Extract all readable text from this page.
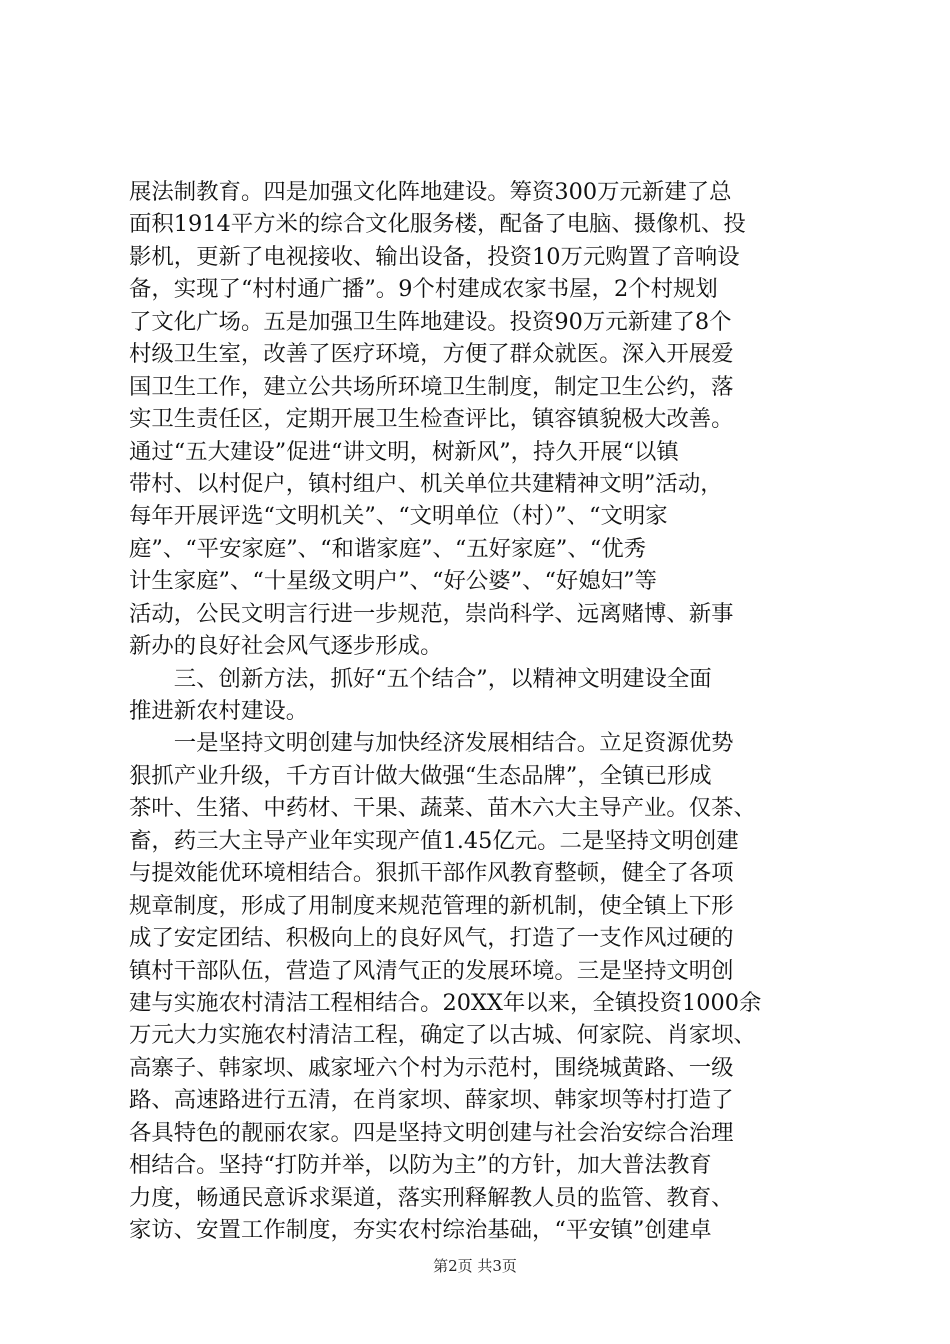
展法制教育。四是加强文化阵地建设。筹资300万元新建了总
面积1914平方米的综合文化服务楼，配备了电脑、摄像机、投
影机，更新了电视接收、输出设备，投资10万元购置了音响设
备，实现了“村村通广播”。9个村建成农家书屋，2个村规划
了文化广场。五是加强卫生阵地建设。投资90万元新建了8个
村级卫生室，改善了医疗环境，方便了群众就医。深入开展爱
国卫生工作，建立公共场所环境卫生制度，制定卫生公约，落
实卫生责任区，定期开展卫生检查评比，镇容镇貌极大改善。
通过“五大建设”促进“讲文明，树新风”，持久开展“以镇
带村、以村促户，镇村组户、机关单位共建精神文明”活动，
每年开展评选“文明机关”、“文明单位（村）”、“文明家
庭”、“平安家庭”、“和谐家庭”、“五好家庭”、“优秀
计生家庭”、“十星级文明户”、“好公婆”、“好媳妇”等
活动，公民文明言行进一步规范，崇尚科学、远离赌博、新事
新办的良好社会风气逐步形成。
　　三、创新方法，抓好“五个结合”，以精神文明建设全面
推进新农村建设。
　　一是坚持文明创建与加快经济发展相结合。立足资源优势
狠抓产业升级，千方百计做大做强“生态品牌”，全镇已形成
茶叶、生猪、中药材、干果、蔬菜、苗木六大主导产业。仅茶、
畜，药三大主导产业年实现产值1.45亿元。二是坚持文明创建
与提效能优环境相结合。狠抓干部作风教育整顿，健全了各项
规章制度，形成了用制度来规范管理的新机制，使全镇上下形
成了安定团结、积极向上的良好风气，打造了一支作风过硬的
镇村干部队伍，营造了风清气正的发展环境。三是坚持文明创
建与实施农村清洁工程相结合。20XX年以来，全镇投资1000余
万元大力实施农村清洁工程，确定了以古城、何家院、肖家坝、
高寨子、韩家坝、戚家垭六个村为示范村，围绕城黄路、一级
路、高速路进行五清，在肖家坝、薛家坝、韩家坝等村打造了
各具特色的靓丽农家。四是坚持文明创建与社会治安综合治理
相结合。坚持“打防并举，以防为主”的方针，加大普法教育
力度，畅通民意诉求渠道，落实刑释解教人员的监管、教育、
家访、安置工作制度，夯实农村综治基础，“平安镇”创建卓
第2页 共3页
